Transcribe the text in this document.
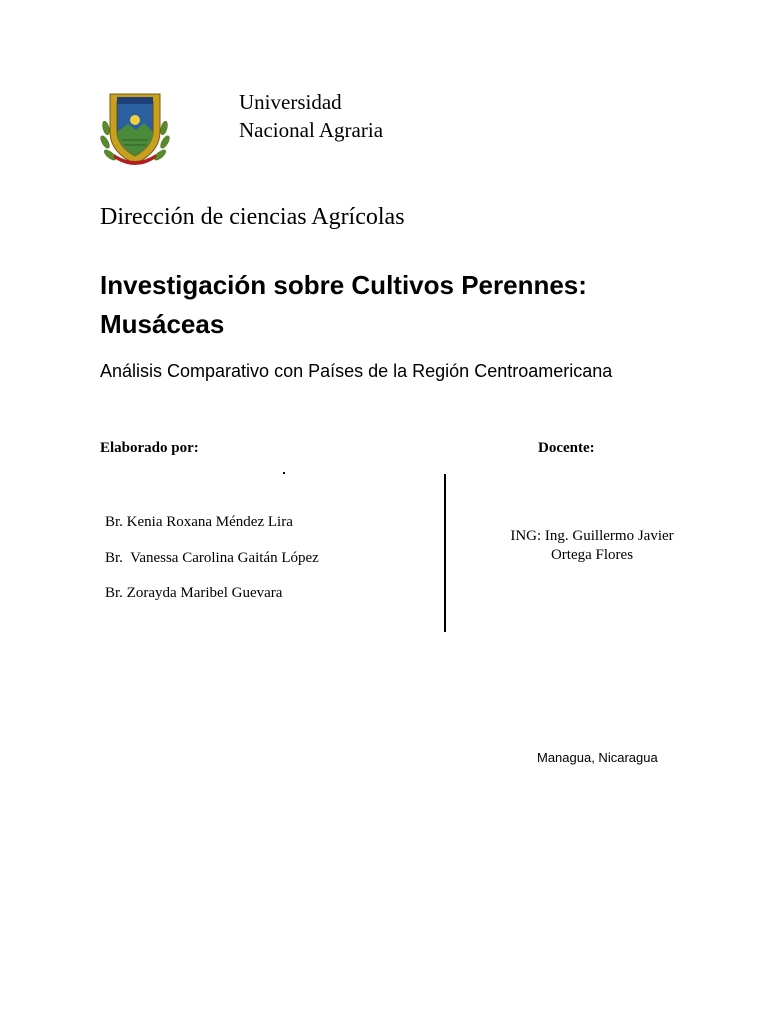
Universidad
Nacional Agraria
Dirección de ciencias Agrícolas
Investigación sobre Cultivos Perennes: Musáceas
Análisis Comparativo con Países de la Región Centroamericana
Elaborado por:	Docente:
Br. Kenia Roxana Méndez Lira
Br.  Vanessa Carolina Gaitán López
Br. Zorayda Maribel Guevara
ING: Ing. Guillermo Javier
Ortega Flores
Managua, Nicaragua
